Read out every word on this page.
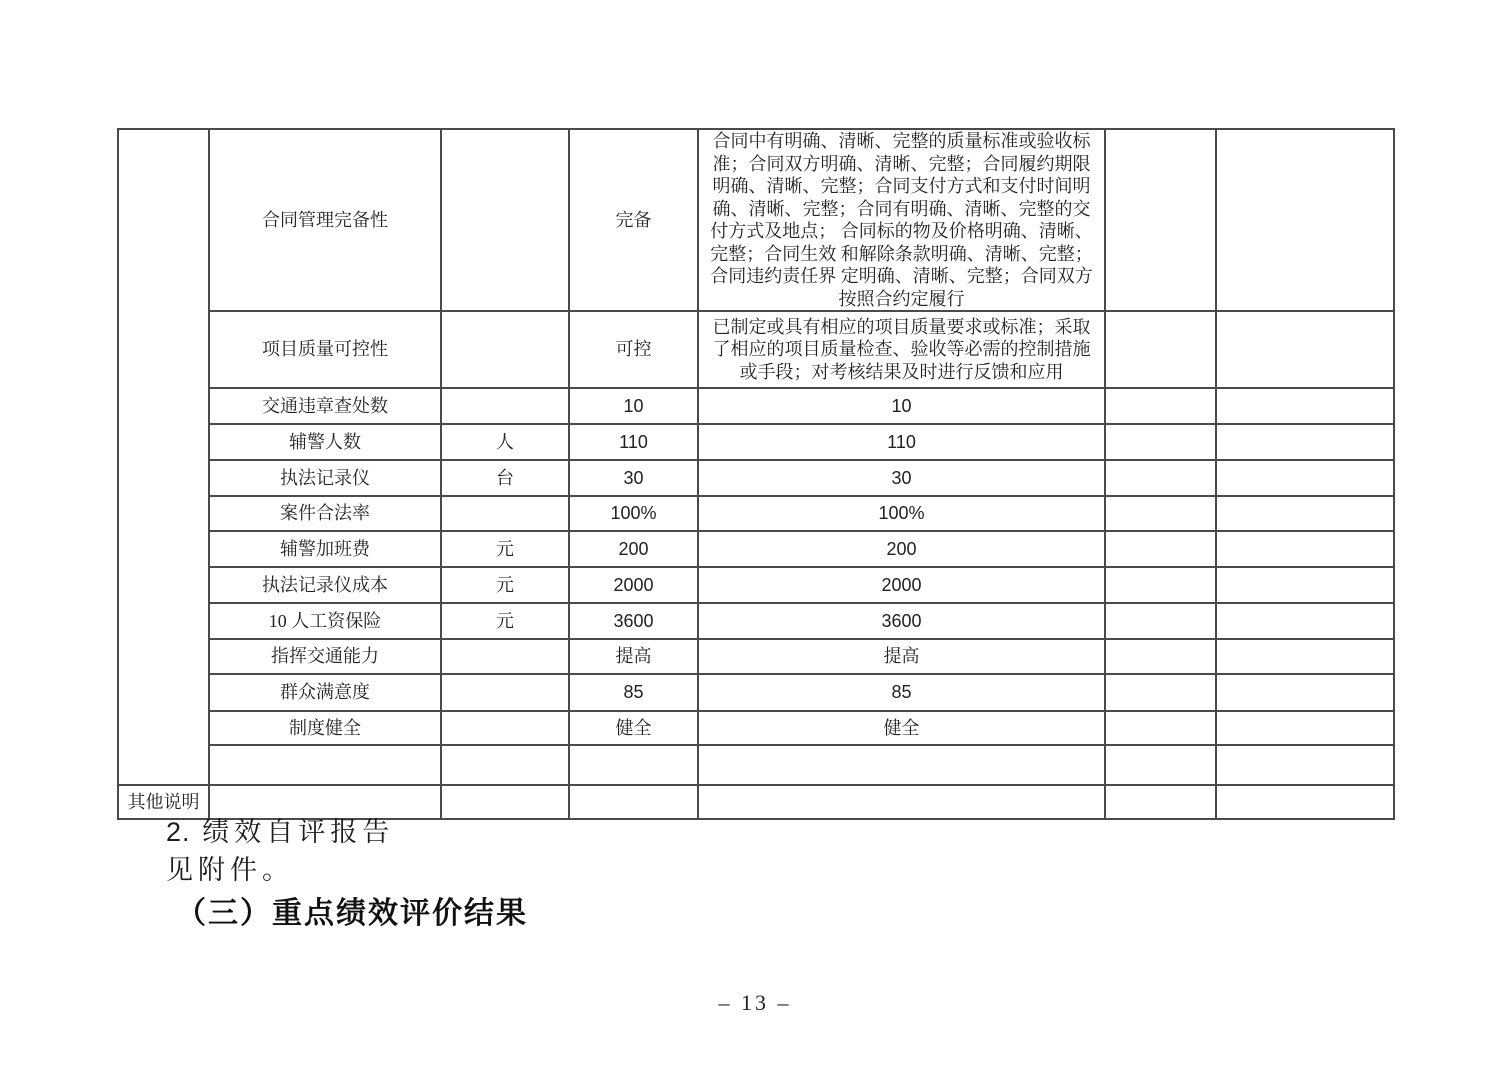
	合同管理完备性		完备	合同中有明确、清晰、完整的质量标准或验收标准；合同双方明确、清晰、完整；合同履约期限明确、清晰、完整；合同支付方式和支付时间明确、清晰、完整；合同有明确、清晰、完整的交付方式及地点； 合同标的物及价格明确、清晰、完整；合同生效 和解除条款明确、清晰、完整；合同违约责任界 定明确、清晰、完整；合同双方按照合约定履行		
	项目质量可控性		可控	已制定或具有相应的项目质量要求或标准；采取了相应的项目质量检查、验收等必需的控制措施或手段；对考核结果及时进行反馈和应用		
	交通违章查处数		10	10		
	辅警人数	人	110	110		
	执法记录仪	台	30	30		
	案件合法率		100%	100%		
	辅警加班费	元	200	200		
	执法记录仪成本	元	2000	2000		
	10 人工资保险	元	3600	3600		
	指挥交通能力		提高	提高		
	群众满意度		85	85		
	制度健全		健全	健全		

其他说明						
2. 绩效自评报告
见附件。
（三）重点绩效评价结果
– 13 –
